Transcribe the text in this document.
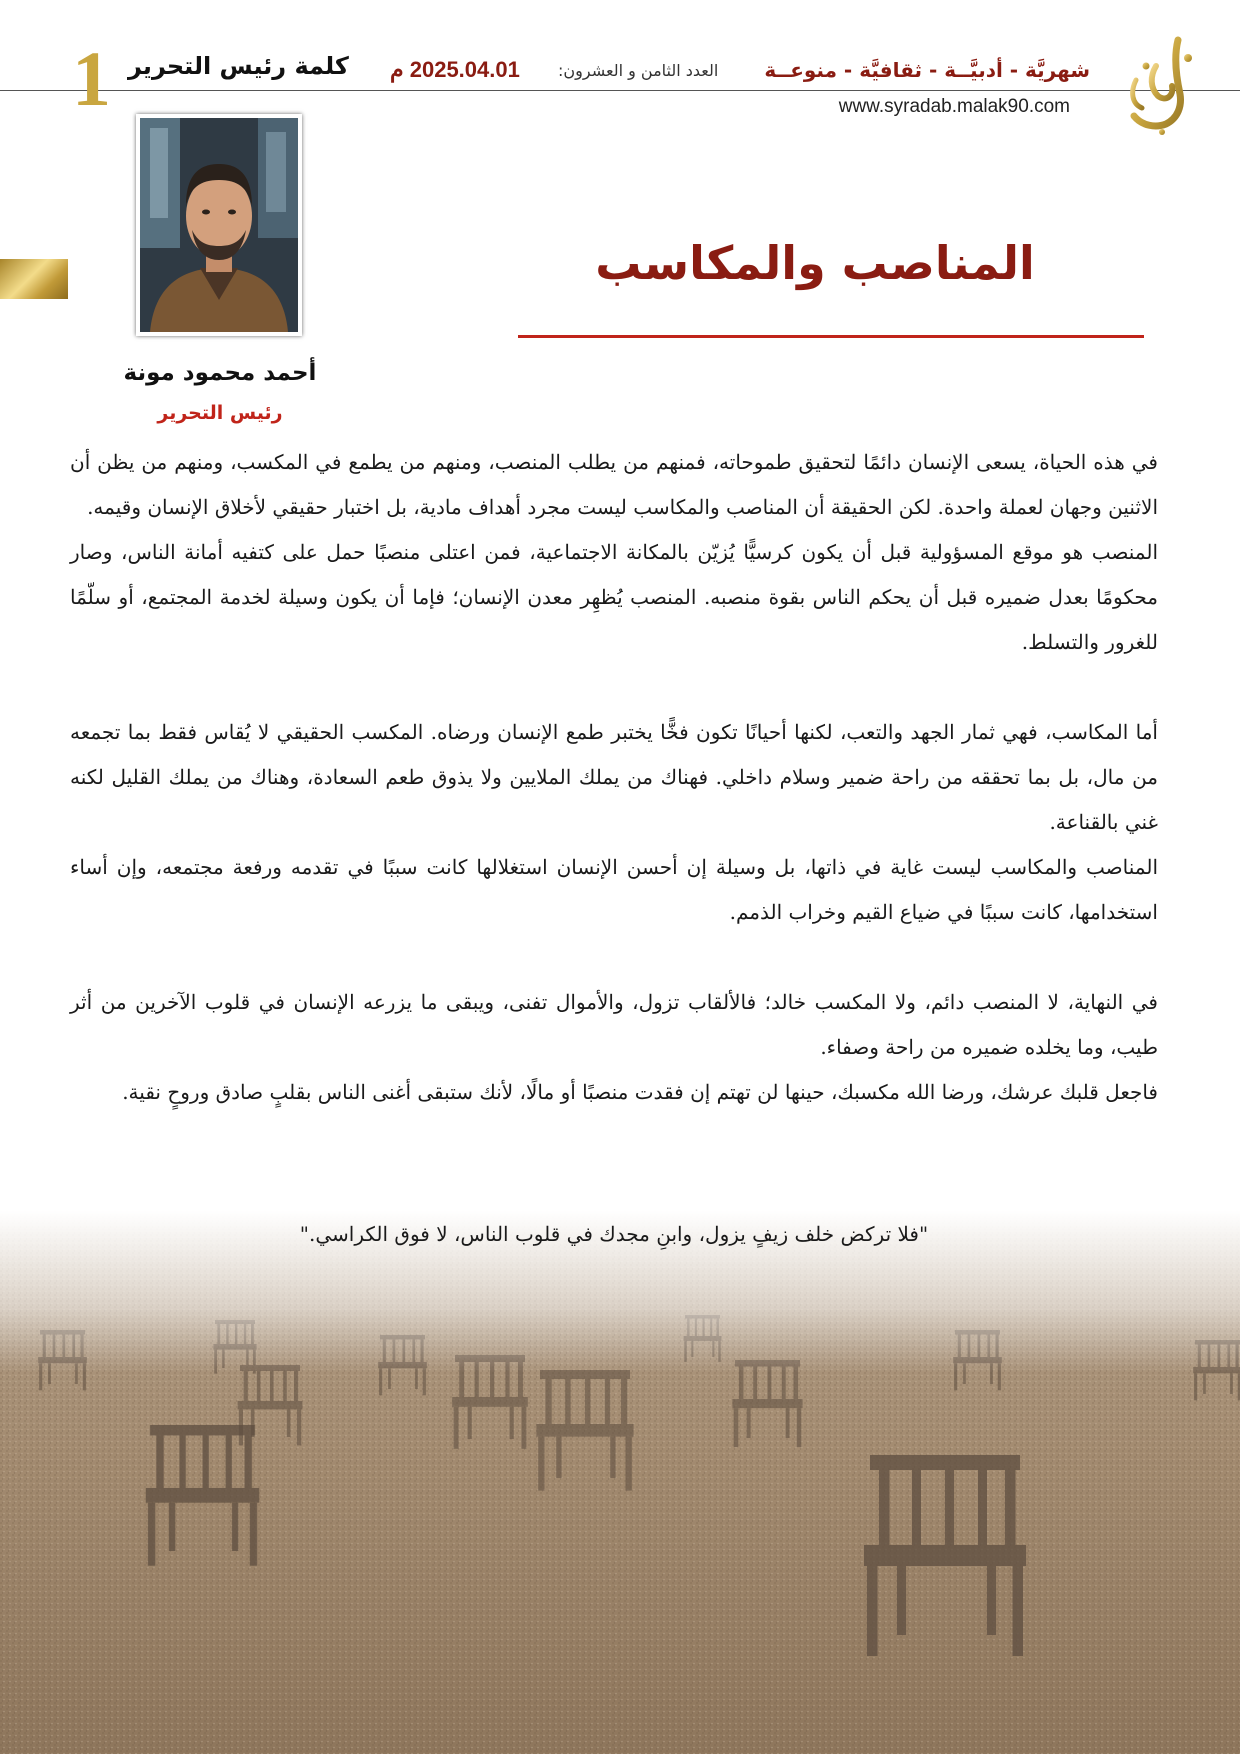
شهريَّة - أدبيَّــة - ثقافيَّة - منوعــة
www.syradab.malak90.com
العدد الثامن و العشرون:
2025.04.01 م
كلمة رئيس التحرير
1
أحمد محمود مونة
رئيس التحرير
المناصب والمكاسب

في هذه الحياة، يسعى الإنسان دائمًا لتحقيق طموحاته، فمنهم من يطلب المنصب، ومنهم من يطمع في المكسب، ومنهم من يظن أن الاثنين وجهان لعملة واحدة. لكن الحقيقة أن المناصب والمكاسب ليست مجرد أهداف مادية، بل اختبار حقيقي لأخلاق الإنسان وقيمه.

المنصب هو موقع المسؤولية قبل أن يكون كرسيًّا يُزيّن بالمكانة الاجتماعية، فمن اعتلى منصبًا حمل على كتفيه أمانة الناس، وصار محكومًا بعدل ضميره قبل أن يحكم الناس بقوة منصبه. المنصب يُظهِر معدن الإنسان؛ فإما أن يكون وسيلة لخدمة المجتمع، أو سلّمًا للغرور والتسلط.

أما المكاسب، فهي ثمار الجهد والتعب، لكنها أحيانًا تكون فخًّا يختبر طمع الإنسان ورضاه. المكسب الحقيقي لا يُقاس فقط بما تجمعه من مال، بل بما تحققه من راحة ضمير وسلام داخلي. فهناك من يملك الملايين ولا يذوق طعم السعادة، وهناك من يملك القليل لكنه غني بالقناعة.

المناصب والمكاسب ليست غاية في ذاتها، بل وسيلة إن أحسن الإنسان استغلالها كانت سببًا في تقدمه ورفعة مجتمعه، وإن أساء استخدامها، كانت سببًا في ضياع القيم وخراب الذمم.

في النهاية، لا المنصب دائم، ولا المكسب خالد؛ فالألقاب تزول، والأموال تفنى، ويبقى ما يزرعه الإنسان في قلوب الآخرين من أثر طيب، وما يخلده ضميره من راحة وصفاء.

فاجعل قلبك عرشك، ورضا الله مكسبك، حينها لن تهتم إن فقدت منصبًا أو مالًا، لأنك ستبقى أغنى الناس بقلبٍ صادق وروحٍ نقية.

"فلا تركض خلف زيفٍ يزول، وابنِ مجدك في قلوب الناس، لا فوق الكراسي."
